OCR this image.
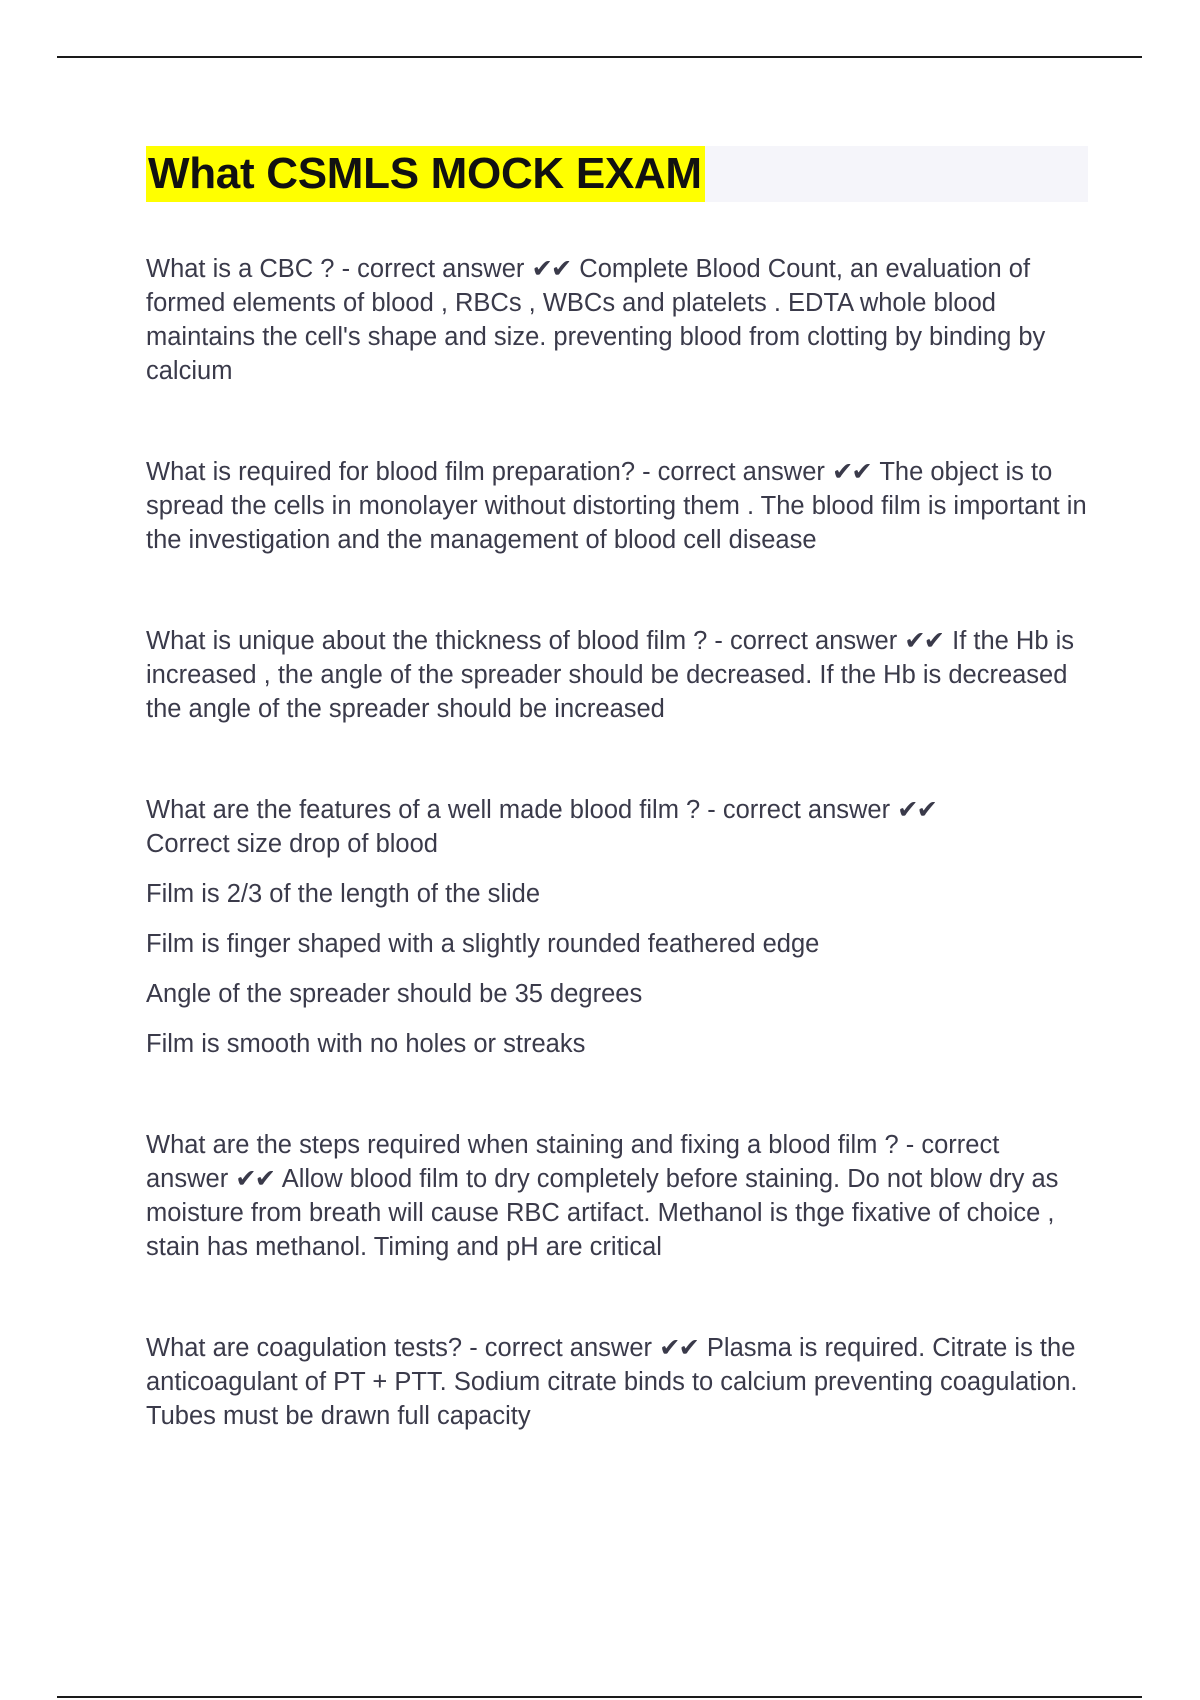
What CSMLS MOCK EXAM

What is a CBC ? - correct answer ✔✔ Complete Blood Count, an evaluation of formed elements of blood , RBCs , WBCs and platelets . EDTA whole blood maintains the cell's shape and size. preventing blood from clotting by binding by calcium

What is required for blood film preparation? - correct answer ✔✔ The object is to spread the cells in monolayer without distorting them . The blood film is important in the investigation and the management of blood cell disease

What is unique about the thickness of blood film ? - correct answer ✔✔ If the Hb is increased , the angle of the spreader should be decreased. If the Hb is decreased the angle of the spreader should be increased

What are the features of a well made blood film ? - correct answer ✔✔
Correct size drop of blood

Film is 2/3 of the length of the slide

Film is finger shaped with a slightly rounded feathered edge

Angle of the spreader should be 35 degrees

Film is smooth with no holes or streaks

What are the steps required when staining and fixing a blood film ? - correct answer ✔✔ Allow blood film to dry completely before staining. Do not blow dry as moisture from breath will cause RBC artifact. Methanol is thge fixative of choice , stain has methanol. Timing and pH are critical

What are coagulation tests? - correct answer ✔✔ Plasma is required. Citrate is the anticoagulant of PT + PTT. Sodium citrate binds to calcium preventing coagulation. Tubes must be drawn full capacity
